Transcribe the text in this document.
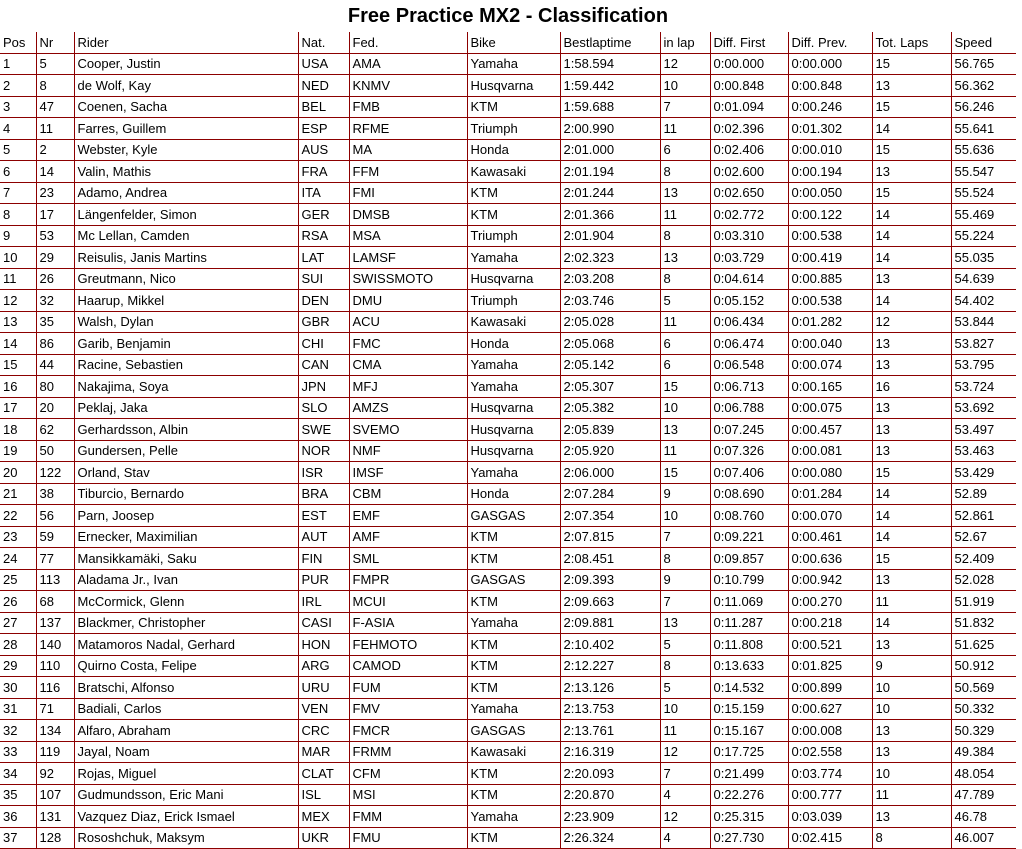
Free Practice MX2 - Classification
Pos	Nr	Rider	Nat.	Fed.	Bike	Bestlaptime	in lap	Diff. First	Diff. Prev.	Tot. Laps	Speed
1	5	Cooper, Justin	USA	AMA	Yamaha	1:58.594	12	0:00.000	0:00.000	15	56.765
2	8	de Wolf, Kay	NED	KNMV	Husqvarna	1:59.442	10	0:00.848	0:00.848	13	56.362
3	47	Coenen, Sacha	BEL	FMB	KTM	1:59.688	7	0:01.094	0:00.246	15	56.246
4	11	Farres, Guillem	ESP	RFME	Triumph	2:00.990	11	0:02.396	0:01.302	14	55.641
5	2	Webster, Kyle	AUS	MA	Honda	2:01.000	6	0:02.406	0:00.010	15	55.636
6	14	Valin, Mathis	FRA	FFM	Kawasaki	2:01.194	8	0:02.600	0:00.194	13	55.547
7	23	Adamo, Andrea	ITA	FMI	KTM	2:01.244	13	0:02.650	0:00.050	15	55.524
8	17	Längenfelder, Simon	GER	DMSB	KTM	2:01.366	11	0:02.772	0:00.122	14	55.469
9	53	Mc Lellan, Camden	RSA	MSA	Triumph	2:01.904	8	0:03.310	0:00.538	14	55.224
10	29	Reisulis, Janis Martins	LAT	LAMSF	Yamaha	2:02.323	13	0:03.729	0:00.419	14	55.035
11	26	Greutmann, Nico	SUI	SWISSMOTO	Husqvarna	2:03.208	8	0:04.614	0:00.885	13	54.639
12	32	Haarup, Mikkel	DEN	DMU	Triumph	2:03.746	5	0:05.152	0:00.538	14	54.402
13	35	Walsh, Dylan	GBR	ACU	Kawasaki	2:05.028	11	0:06.434	0:01.282	12	53.844
14	86	Garib, Benjamin	CHI	FMC	Honda	2:05.068	6	0:06.474	0:00.040	13	53.827
15	44	Racine, Sebastien	CAN	CMA	Yamaha	2:05.142	6	0:06.548	0:00.074	13	53.795
16	80	Nakajima, Soya	JPN	MFJ	Yamaha	2:05.307	15	0:06.713	0:00.165	16	53.724
17	20	Peklaj, Jaka	SLO	AMZS	Husqvarna	2:05.382	10	0:06.788	0:00.075	13	53.692
18	62	Gerhardsson, Albin	SWE	SVEMO	Husqvarna	2:05.839	13	0:07.245	0:00.457	13	53.497
19	50	Gundersen, Pelle	NOR	NMF	Husqvarna	2:05.920	11	0:07.326	0:00.081	13	53.463
20	122	Orland, Stav	ISR	IMSF	Yamaha	2:06.000	15	0:07.406	0:00.080	15	53.429
21	38	Tiburcio, Bernardo	BRA	CBM	Honda	2:07.284	9	0:08.690	0:01.284	14	52.89
22	56	Parn, Joosep	EST	EMF	GASGAS	2:07.354	10	0:08.760	0:00.070	14	52.861
23	59	Ernecker, Maximilian	AUT	AMF	KTM	2:07.815	7	0:09.221	0:00.461	14	52.67
24	77	Mansikkamäki, Saku	FIN	SML	KTM	2:08.451	8	0:09.857	0:00.636	15	52.409
25	113	Aladama Jr., Ivan	PUR	FMPR	GASGAS	2:09.393	9	0:10.799	0:00.942	13	52.028
26	68	McCormick, Glenn	IRL	MCUI	KTM	2:09.663	7	0:11.069	0:00.270	11	51.919
27	137	Blackmer, Christopher	CASI	F-ASIA	Yamaha	2:09.881	13	0:11.287	0:00.218	14	51.832
28	140	Matamoros Nadal, Gerhard	HON	FEHMOTO	KTM	2:10.402	5	0:11.808	0:00.521	13	51.625
29	110	Quirno Costa, Felipe	ARG	CAMOD	KTM	2:12.227	8	0:13.633	0:01.825	9	50.912
30	116	Bratschi, Alfonso	URU	FUM	KTM	2:13.126	5	0:14.532	0:00.899	10	50.569
31	71	Badiali, Carlos	VEN	FMV	Yamaha	2:13.753	10	0:15.159	0:00.627	10	50.332
32	134	Alfaro, Abraham	CRC	FMCR	GASGAS	2:13.761	11	0:15.167	0:00.008	13	50.329
33	119	Jayal, Noam	MAR	FRMM	Kawasaki	2:16.319	12	0:17.725	0:02.558	13	49.384
34	92	Rojas, Miguel	CLAT	CFM	KTM	2:20.093	7	0:21.499	0:03.774	10	48.054
35	107	Gudmundsson, Eric Mani	ISL	MSI	KTM	2:20.870	4	0:22.276	0:00.777	11	47.789
36	131	Vazquez Diaz, Erick Ismael	MEX	FMM	Yamaha	2:23.909	12	0:25.315	0:03.039	13	46.78
37	128	Rososhchuk, Maksym	UKR	FMU	KTM	2:26.324	4	0:27.730	0:02.415	8	46.007
